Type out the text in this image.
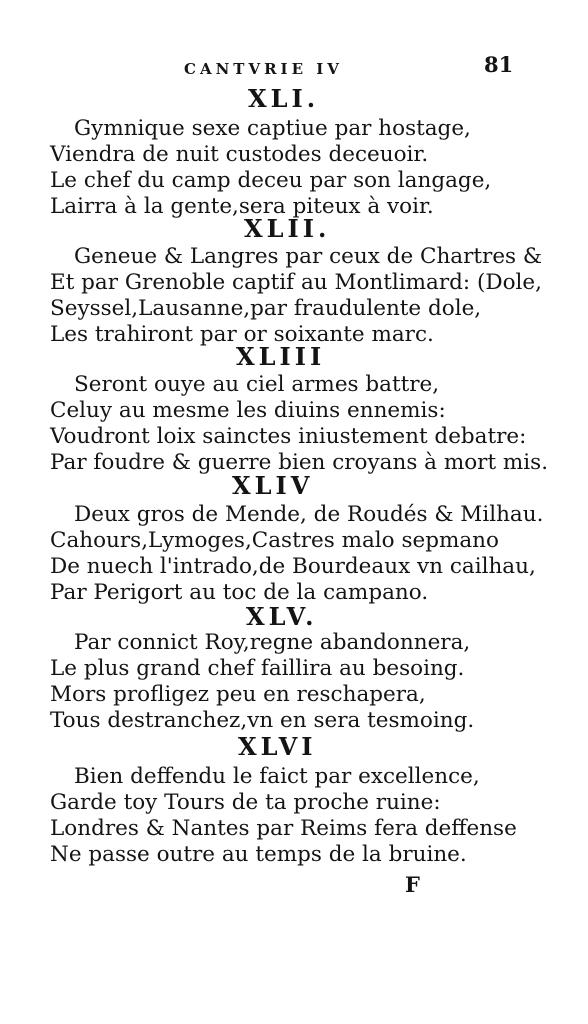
CANTVRIE IV	81
XLI.
Gymnique sexe captiue par hostage,
Viendra de nuit custodes deceuoir.
Le chef du camp deceu par son langage,
Lairra à la gente,sera piteux à voir.
XLII.
Geneue & Langres par ceux de Chartres &
Et par Grenoble captif au Montlimard: (Dole,
Seyssel,Lausanne,par fraudulente dole,
Les trahiront par or soixante marc.
XLIII
Seront ouye au ciel armes battre,
Celuy au mesme les diuins ennemis:
Voudront loix sainctes iniustement debatre:
Par foudre & guerre bien croyans à mort mis.
XLIV
Deux gros de Mende, de Roudés & Milhau.
Cahours,Lymoges,Castres malo sepmano
De nuech l'intrado,de Bourdeaux vn cailhau,
Par Perigort au toc de la campano.
XLV.
Par connict Roy,regne abandonnera,
Le plus grand chef faillira au besoing.
Mors profligez peu en reschapera,
Tous destranchez,vn en sera tesmoing.
XLVI
Bien deffendu le faict par excellence,
Garde toy Tours de ta proche ruine:
Londres & Nantes par Reims fera deffense
Ne passe outre au temps de la bruine.
F
